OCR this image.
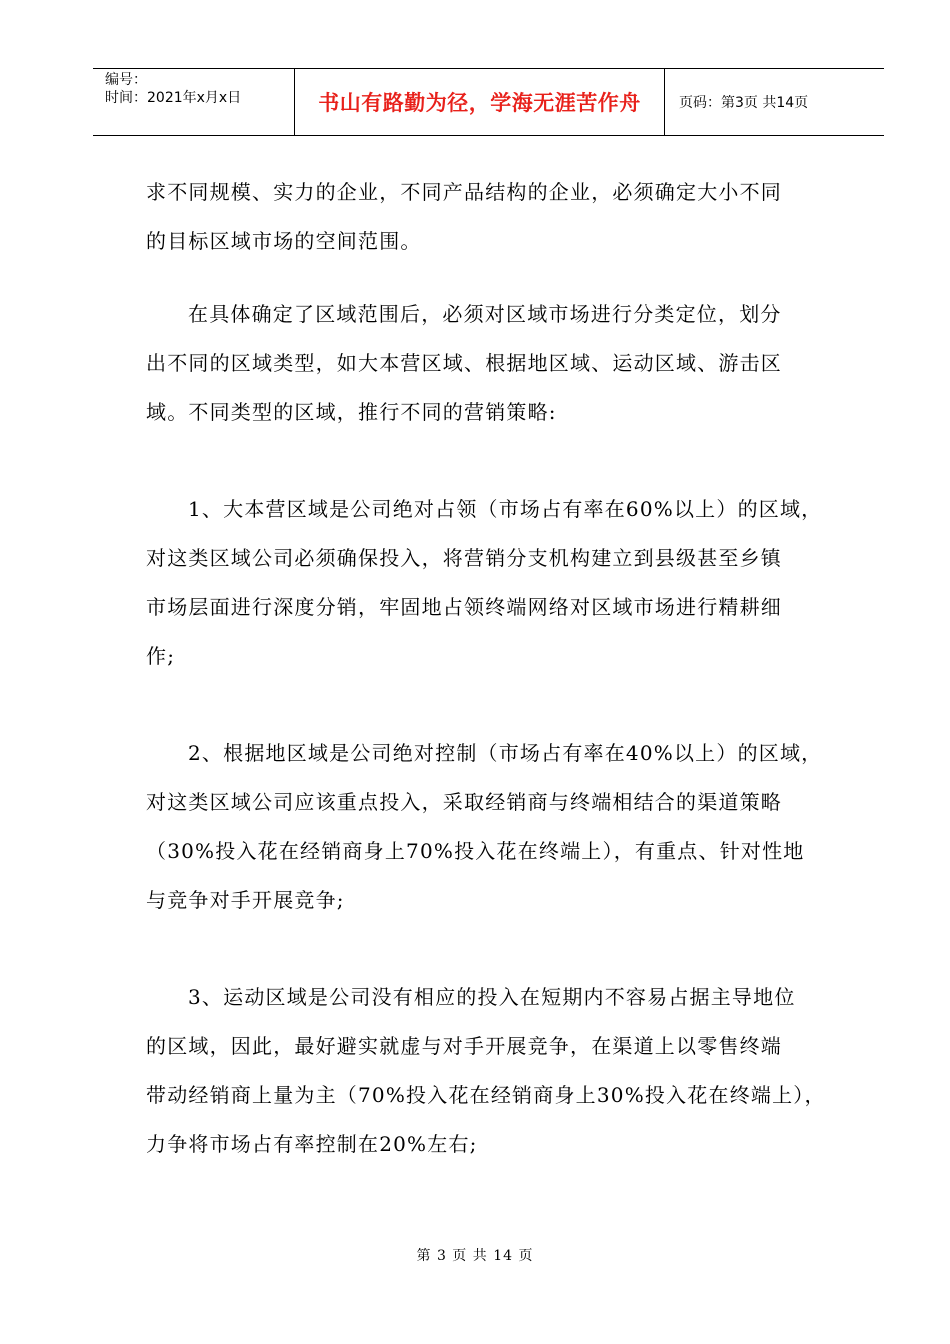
编号：
时间：2021年x月x日	书山有路勤为径，学海无涯苦作舟	页码：第3页 共14页
求不同规模、实力的企业，不同产品结构的企业，必须确定大小不同
的目标区域市场的空间范围。
在具体确定了区域范围后，必须对区域市场进行分类定位，划分
出不同的区域类型，如大本营区域、根据地区域、运动区域、游击区
域。不同类型的区域，推行不同的营销策略:
1、大本营区域是公司绝对占领（市场占有率在60%以上）的区域，
对这类区域公司必须确保投入，将营销分支机构建立到县级甚至乡镇
市场层面进行深度分销，牢固地占领终端网络对区域市场进行精耕细
作;
2、根据地区域是公司绝对控制（市场占有率在40%以上）的区域，
对这类区域公司应该重点投入，采取经销商与终端相结合的渠道策略
（30%投入花在经销商身上70%投入花在终端上），有重点、针对性地
与竞争对手开展竞争;
3、运动区域是公司没有相应的投入在短期内不容易占据主导地位
的区域，因此，最好避实就虚与对手开展竞争，在渠道上以零售终端
带动经销商上量为主（70%投入花在经销商身上30%投入花在终端上），
力争将市场占有率控制在20%左右;
第 3 页 共 14 页
